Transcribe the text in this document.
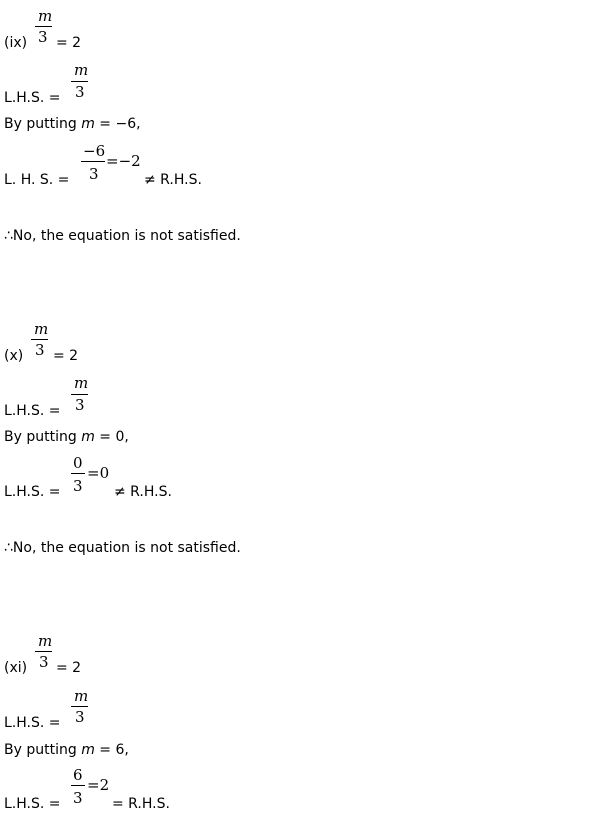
m
(ix) 3 = 2
m
L.H.S. = 3
By putting m = −6,
−6
=−2
L. H. S. = 3	≠ R.H.S.
∴No, the equation is not satisfied.
m
(x) 3 = 2
m
L.H.S. = 3
By putting m = 0,
0
=0
L.H.S. = 3 ≠ R.H.S.
∴No, the equation is not satisfied.
m
(xi) 3 = 2
m
L.H.S. = 3
By putting m = 6,
6
=2
L.H.S. = 3 = R.H.S.
